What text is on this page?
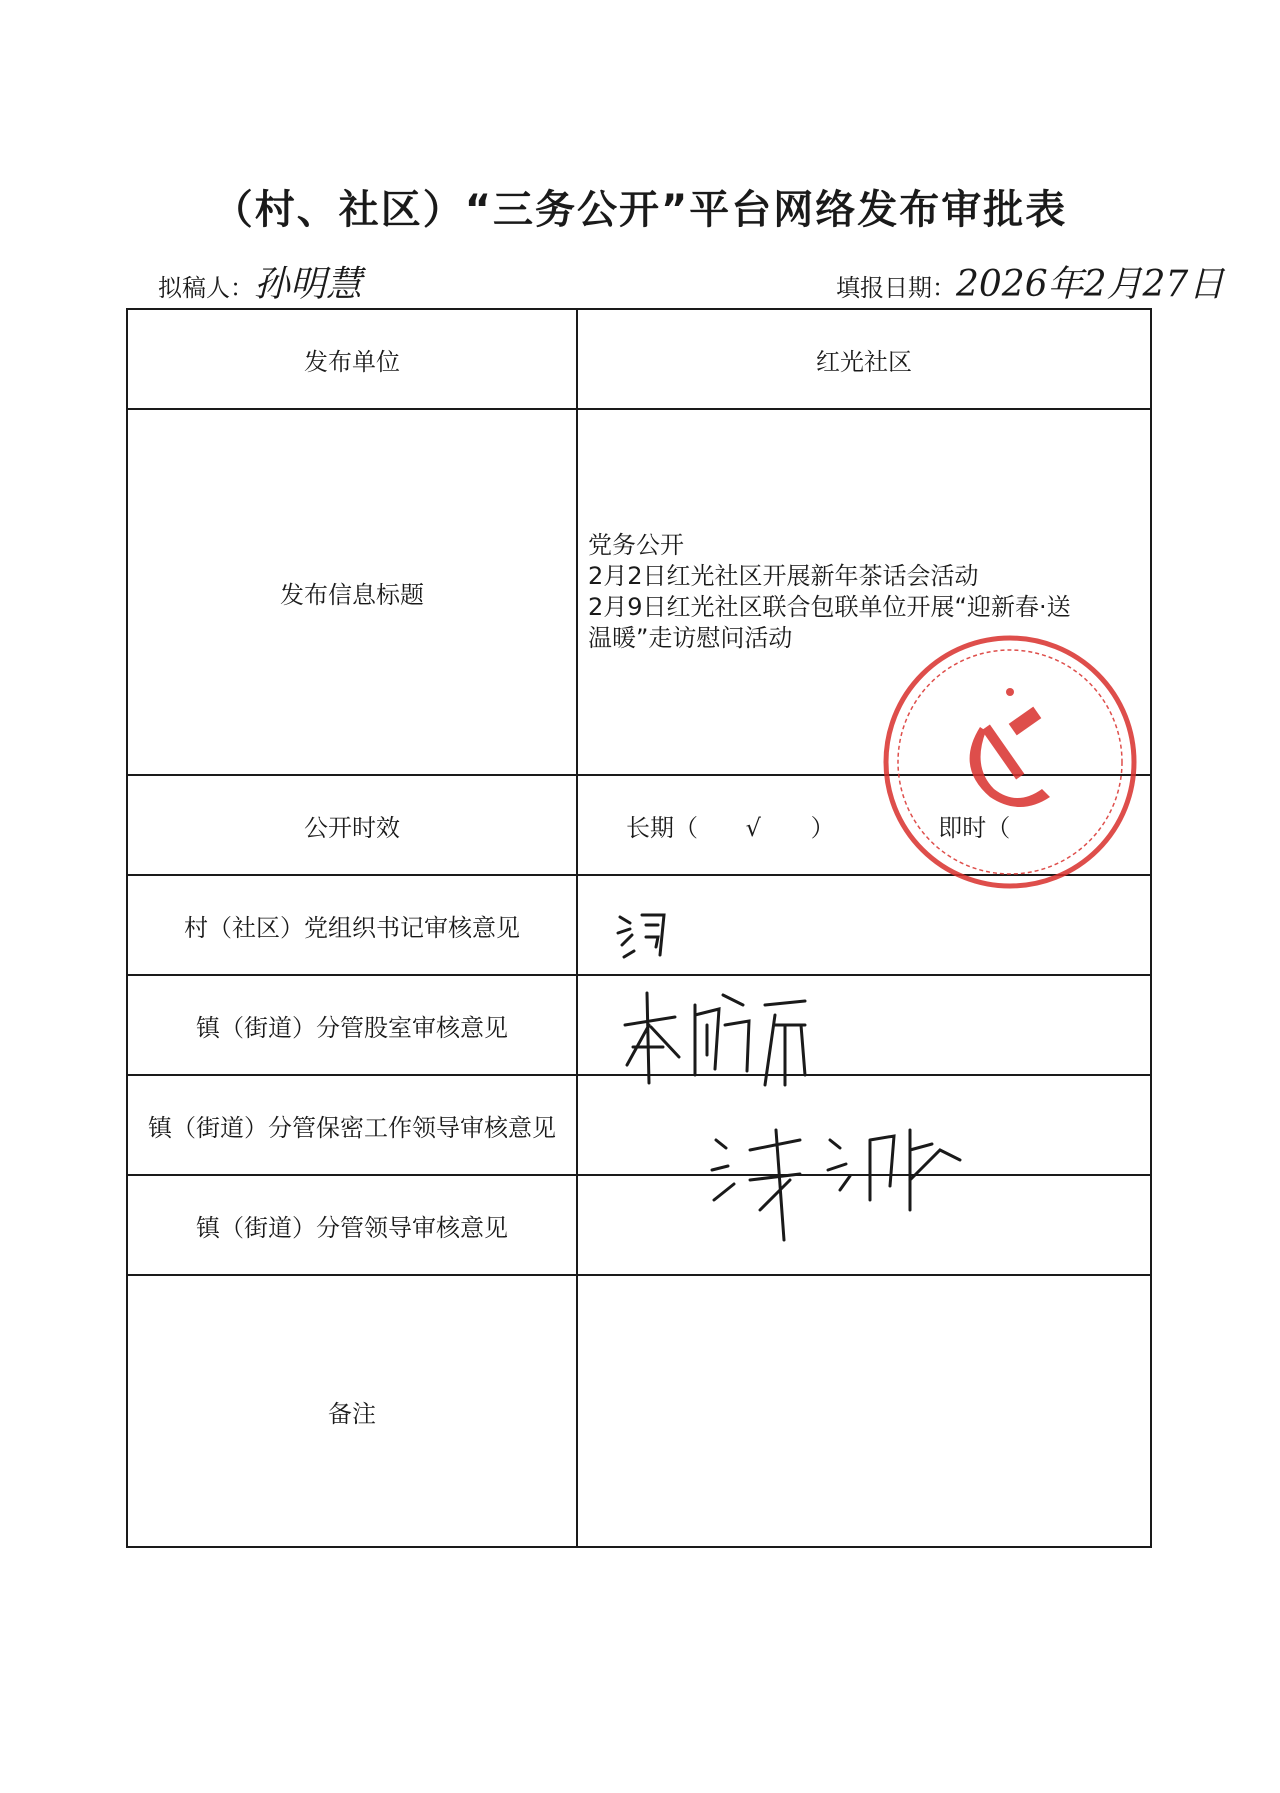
（村、社区）“三务公开”平台网络发布审批表
拟稿人：孙明慧	填报日期：2026年2月27日
发布单位	红光社区
发布信息标题	党务公开
2月2日红光社区开展新年茶话会活动
2月9日红光社区联合包联单位开展“迎新春·送
温暖”走访慰问活动

公开时效	长期（ √ ） 即时（
村（社区）党组织书记审核意见	
镇（街道）分管股室审核意见	
镇（街道）分管保密工作领导审核意见	
镇（街道）分管领导审核意见	
备注	
